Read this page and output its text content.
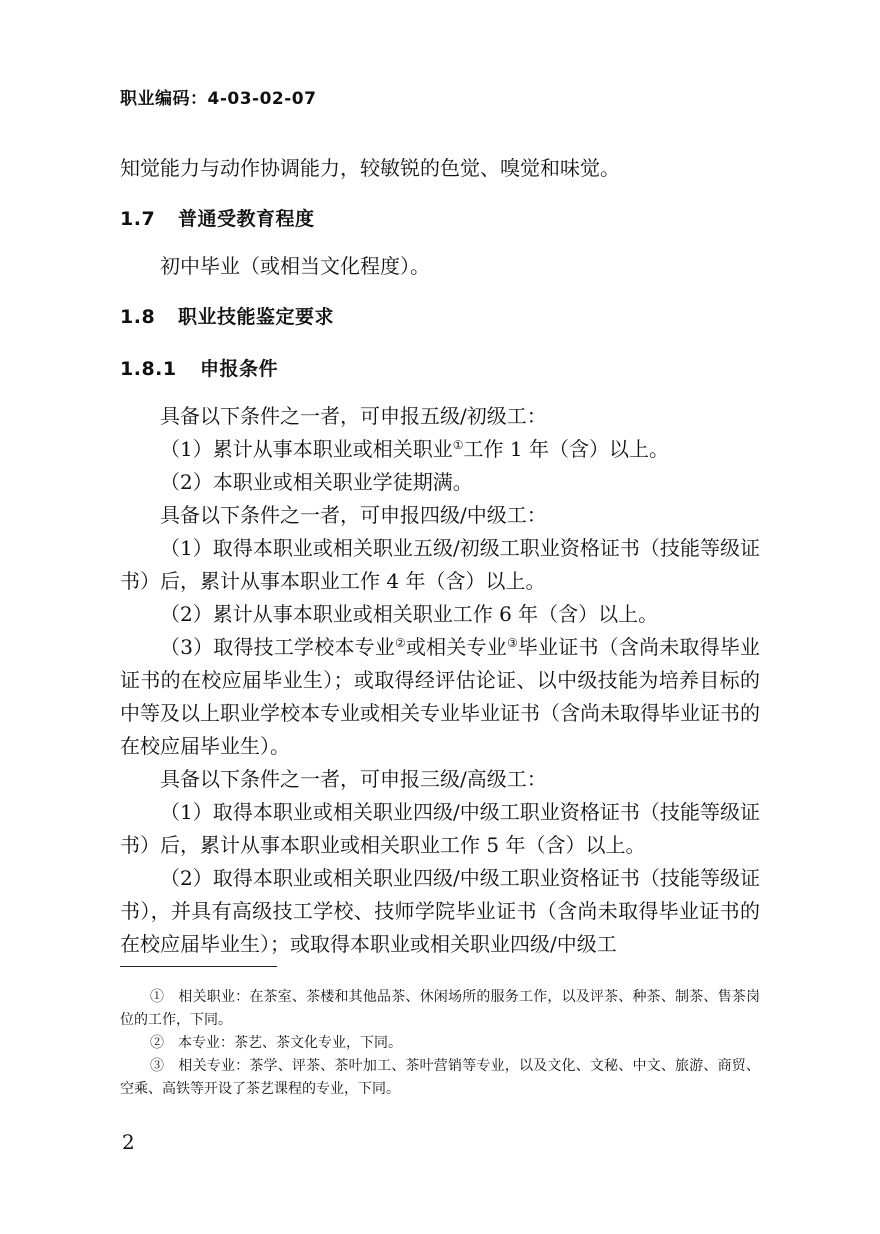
职业编码：4-03-02-07
知觉能力与动作协调能力，较敏锐的色觉、嗅觉和味觉。
1.7 普通受教育程度
初中毕业（或相当文化程度）。
1.8 职业技能鉴定要求
1.8.1 申报条件
具备以下条件之一者，可申报五级/初级工：
（1）累计从事本职业或相关职业①工作 1 年（含）以上。
（2）本职业或相关职业学徒期满。
具备以下条件之一者，可申报四级/中级工：
（1）取得本职业或相关职业五级/初级工职业资格证书（技能等级证书）后，累计从事本职业工作 4 年（含）以上。
（2）累计从事本职业或相关职业工作 6 年（含）以上。
（3）取得技工学校本专业②或相关专业③毕业证书（含尚未取得毕业证书的在校应届毕业生）；或取得经评估论证、以中级技能为培养目标的中等及以上职业学校本专业或相关专业毕业证书（含尚未取得毕业证书的在校应届毕业生）。
具备以下条件之一者，可申报三级/高级工：
（1）取得本职业或相关职业四级/中级工职业资格证书（技能等级证书）后，累计从事本职业或相关职业工作 5 年（含）以上。
（2）取得本职业或相关职业四级/中级工职业资格证书（技能等级证书），并具有高级技工学校、技师学院毕业证书（含尚未取得毕业证书的在校应届毕业生）；或取得本职业或相关职业四级/中级工
①　相关职业：在茶室、茶楼和其他品茶、休闲场所的服务工作，以及评茶、种茶、制茶、售茶岗位的工作，下同。
②　本专业：茶艺、茶文化专业，下同。
③　相关专业：茶学、评茶、茶叶加工、茶叶营销等专业，以及文化、文秘、中文、旅游、商贸、空乘、高铁等开设了茶艺课程的专业，下同。
2
